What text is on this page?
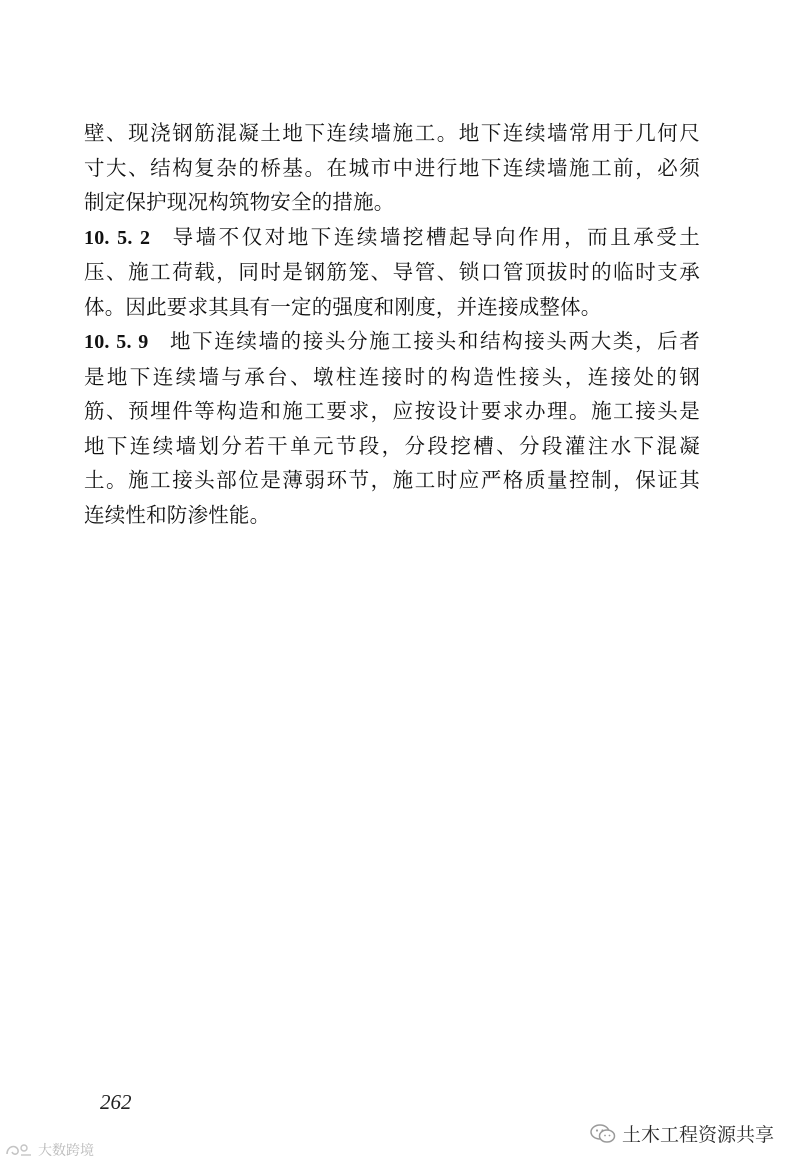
壁、现浇钢筋混凝土地下连续墙施工。地下连续墙常用于几何尺
寸大、结构复杂的桥基。在城市中进行地下连续墙施工前，必须
制定保护现况构筑物安全的措施。

10. 5. 2 导墙不仅对地下连续墙挖槽起导向作用，而且承受土
压、施工荷载，同时是钢筋笼、导管、锁口管顶拔时的临时支承
体。因此要求其具有一定的强度和刚度，并连接成整体。

10. 5. 9 地下连续墙的接头分施工接头和结构接头两大类，后者
是地下连续墙与承台、墩柱连接时的构造性接头，连接处的钢
筋、预埋件等构造和施工要求，应按设计要求办理。施工接头是
地下连续墙划分若干单元节段，分段挖槽、分段灌注水下混凝
土。施工接头部位是薄弱环节，施工时应严格质量控制，保证其
连续性和防渗性能。

262
大数跨境
土木工程资源共享
